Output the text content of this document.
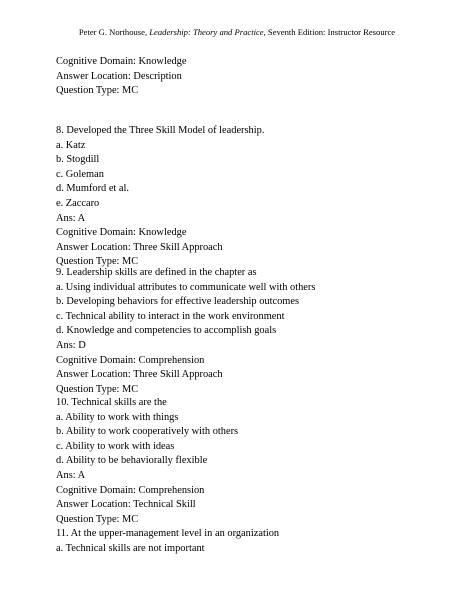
Peter G. Northouse, Leadership: Theory and Practice, Seventh Edition: Instructor Resource
Cognitive Domain: Knowledge
Answer Location: Description
Question Type: MC
8. Developed the Three Skill Model of leadership.
a. Katz
b. Stogdill
c. Goleman
d. Mumford et al.
e. Zaccaro
Ans: A
Cognitive Domain: Knowledge
Answer Location: Three Skill Approach
Question Type: MC
9. Leadership skills are defined in the chapter as
a. Using individual attributes to communicate well with others
b. Developing behaviors for effective leadership outcomes
c. Technical ability to interact in the work environment
d. Knowledge and competencies to accomplish goals
Ans: D
Cognitive Domain: Comprehension
Answer Location: Three Skill Approach
Question Type: MC
10. Technical skills are the
a. Ability to work with things
b. Ability to work cooperatively with others
c. Ability to work with ideas
d. Ability to be behaviorally flexible
Ans: A
Cognitive Domain: Comprehension
Answer Location: Technical Skill
Question Type: MC
11. At the upper-management level in an organization
a. Technical skills are not important
